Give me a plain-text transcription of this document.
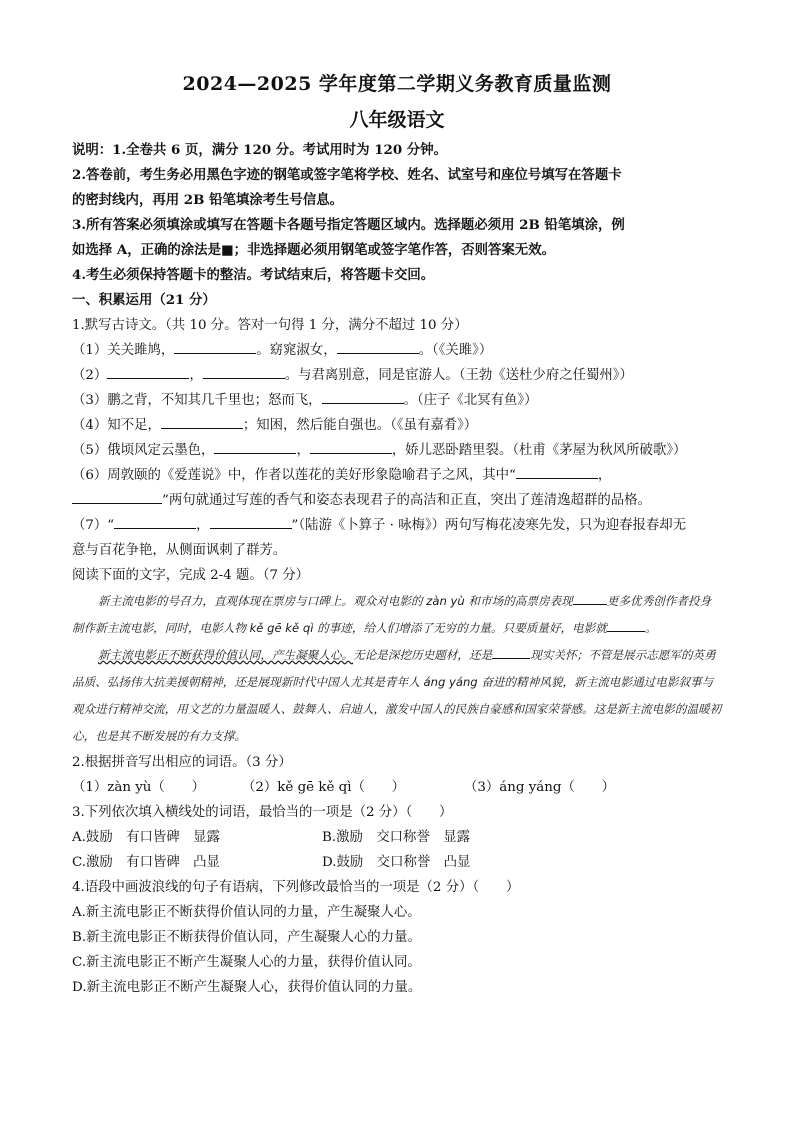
2024—2025 学年度第二学期义务教育质量监测
八年级语文
说明：1.全卷共 6 页，满分 120 分。考试用时为 120 分钟。
2.答卷前，考生务必用黑色字迹的钢笔或签字笔将学校、姓名、试室号和座位号填写在答题卡
的密封线内，再用 2B 铅笔填涂考生号信息。
3.所有答案必须填涂或填写在答题卡各题号指定答题区域内。选择题必须用 2B 铅笔填涂，例
如选择 A，正确的涂法是■；非选择题必须用钢笔或签字笔作答，否则答案无效。
4.考生必须保持答题卡的整洁。考试结束后，将答题卡交回。
一、积累运用（21 分）
1.默写古诗文。（共 10 分。答对一句得 1 分，满分不超过 10 分）
（1）关关雎鸠，	。窈窕淑女，	。（《关雎》）
（2）	，	。与君离别意，同是宦游人。（王勃《送杜少府之任蜀州》）
（3）鹏之背，不知其几千里也；怒而飞，	。（庄子《北冥有鱼》）
（4）知不足，	；知困，然后能自强也。（《虽有嘉肴》）
（5）俄顷风定云墨色，	，	，娇儿恶卧踏里裂。（杜甫《茅屋为秋风所破歌》）
（6）周敦颐的《爱莲说》中，作者以莲花的美好形象隐喻君子之风，其中“	，
”两句就通过写莲的香气和姿态表现君子的高洁和正直，突出了莲清逸超群的品格。
（7）“	，	”（陆游《卜算子 · 咏梅》）两句写梅花凌寒先发，只为迎春报春却无
意与百花争艳，从侧面讽刺了群芳。
阅读下面的文字，完成 2-4 题。（7 分）

新主流电影的号召力，直观体现在票房与口碑上。观众对电影的 zàn yù 和市场的高票房表现	更多优秀创作者投身制作新主流电影，同时，电影人物 kě gē kě qì 的事迹，给人们增添了无穷的力量。只要质量好，电影就	。

新主流电影正不断获得价值认同，产生凝聚人心。无论是深挖历史题材，还是	现实关怀；不管是展示志愿军的英勇品质、弘扬伟大抗美援朝精神，还是展现新时代中国人尤其是青年人 áng yáng 奋进的精神风貌，新主流电影通过电影叙事与观众进行精神交流，用文艺的力量温暖人、鼓舞人、启迪人，激发中国人的民族自豪感和国家荣誉感。这是新主流电影的温暖初心，也是其不断发展的有力支撑。

2.根据拼音写出相应的词语。（3 分）
（1）zàn yù（　　）	（2）kě gē kě qì（　　）	（3）áng yáng（　　）
3.下列依次填入横线处的词语，最恰当的一项是（2 分）（　　）
A.鼓励　有口皆碑　显露	B.激励　交口称誉　显露
C.激励　有口皆碑　凸显	D.鼓励　交口称誉　凸显
4.语段中画波浪线的句子有语病，下列修改最恰当的一项是（2 分）（　　）
A.新主流电影正不断获得价值认同的力量，产生凝聚人心。
B.新主流电影正不断获得价值认同，产生凝聚人心的力量。
C.新主流电影正不断产生凝聚人心的力量，获得价值认同。
D.新主流电影正不断产生凝聚人心，获得价值认同的力量。
